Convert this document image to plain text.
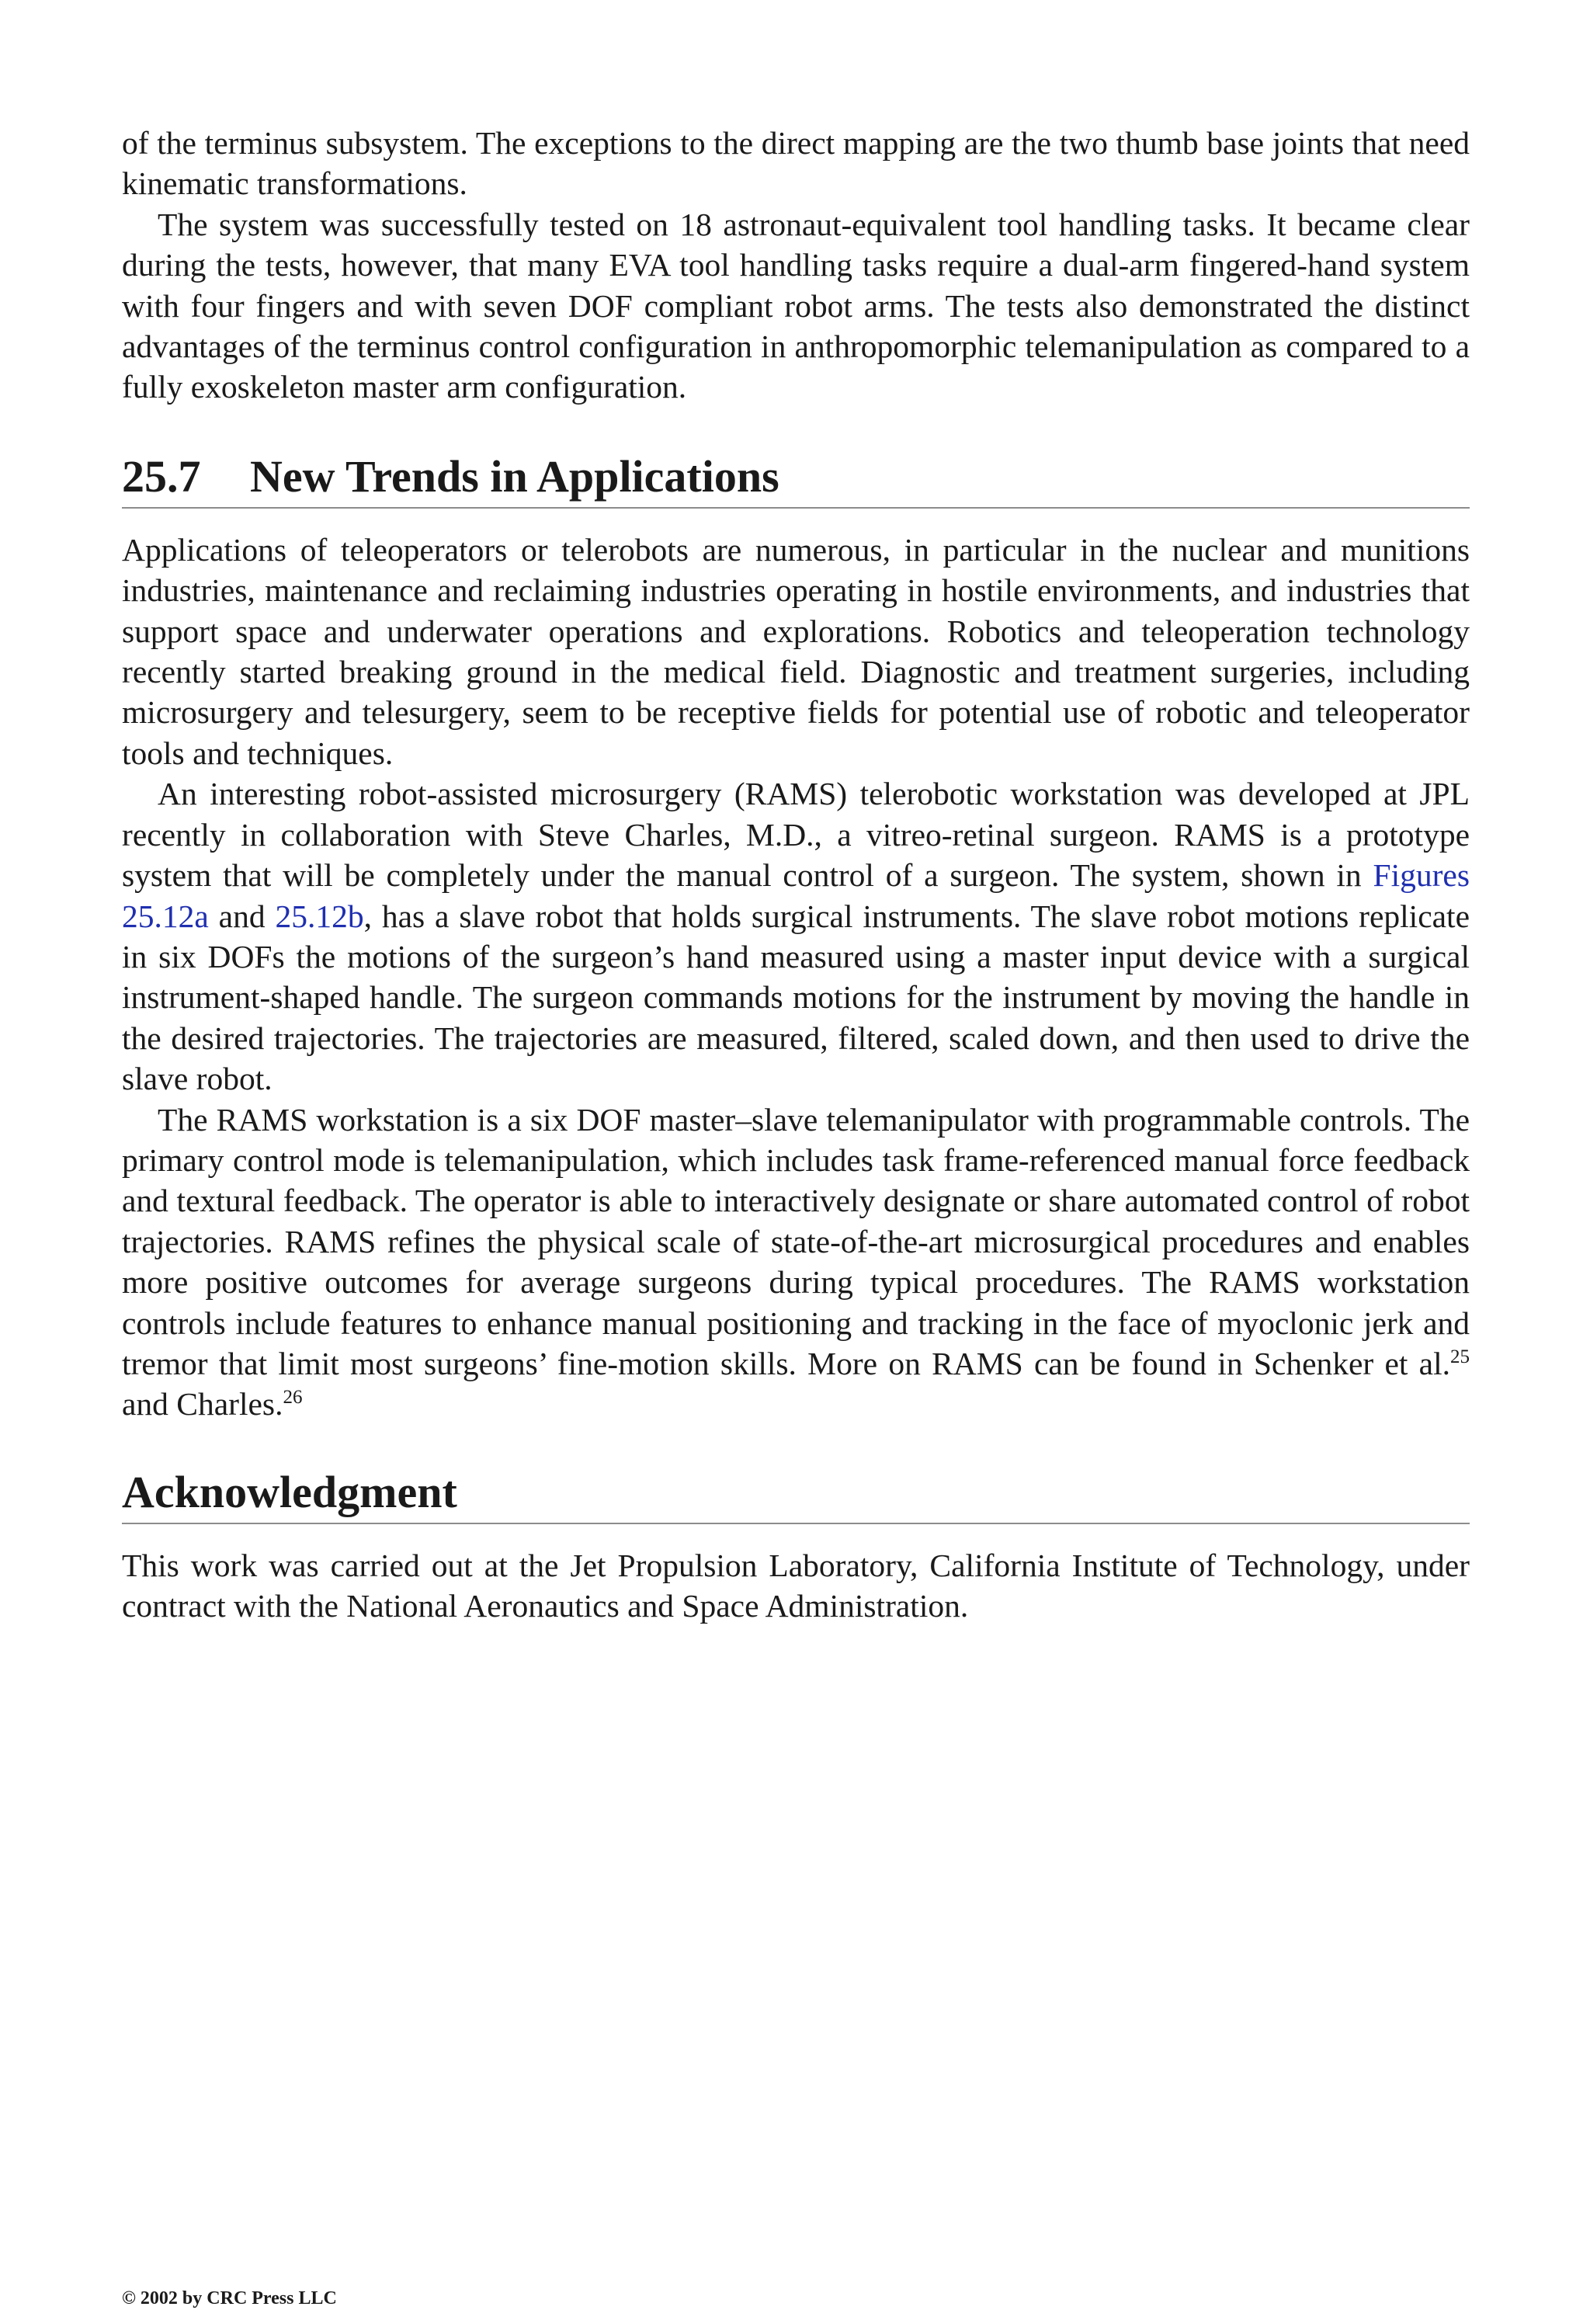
of the terminus subsystem. The exceptions to the direct mapping are the two thumb base joints that need kinematic transformations.

The system was successfully tested on 18 astronaut-equivalent tool handling tasks. It became clear during the tests, however, that many EVA tool handling tasks require a dual-arm fingered-hand system with four fingers and with seven DOF compliant robot arms. The tests also demonstrated the distinct advantages of the terminus control configuration in anthropomorphic telemanipulation as compared to a fully exoskeleton master arm configuration.

25.7 New Trends in Applications

Applications of teleoperators or telerobots are numerous, in particular in the nuclear and munitions industries, maintenance and reclaiming industries operating in hostile environments, and industries that support space and underwater operations and explorations. Robotics and teleoperation technology recently started breaking ground in the medical field. Diagnostic and treatment surgeries, including microsurgery and telesurgery, seem to be receptive fields for potential use of robotic and teleoperator tools and techniques.

An interesting robot-assisted microsurgery (RAMS) telerobotic workstation was developed at JPL recently in collaboration with Steve Charles, M.D., a vitreo-retinal surgeon. RAMS is a prototype system that will be completely under the manual control of a surgeon. The system, shown in Figures 25.12a and 25.12b, has a slave robot that holds surgical instruments. The slave robot motions replicate in six DOFs the motions of the surgeon’s hand measured using a master input device with a surgical instrument-shaped handle. The surgeon commands motions for the instrument by moving the handle in the desired trajectories. The trajectories are measured, filtered, scaled down, and then used to drive the slave robot.

The RAMS workstation is a six DOF master–slave telemanipulator with programmable controls. The primary control mode is telemanipulation, which includes task frame-referenced manual force feedback and textural feedback. The operator is able to interactively designate or share automated control of robot trajectories. RAMS refines the physical scale of state-of-the-art microsurgical procedures and enables more positive outcomes for average surgeons during typical procedures. The RAMS workstation controls include features to enhance manual positioning and tracking in the face of myoclonic jerk and tremor that limit most surgeons’ fine-motion skills. More on RAMS can be found in Schenker et al.$^{25}$ and Charles.$^{26}$

Acknowledgment

This work was carried out at the Jet Propulsion Laboratory, California Institute of Technology, under contract with the National Aeronautics and Space Administration.

© 2002 by CRC Press LLC
